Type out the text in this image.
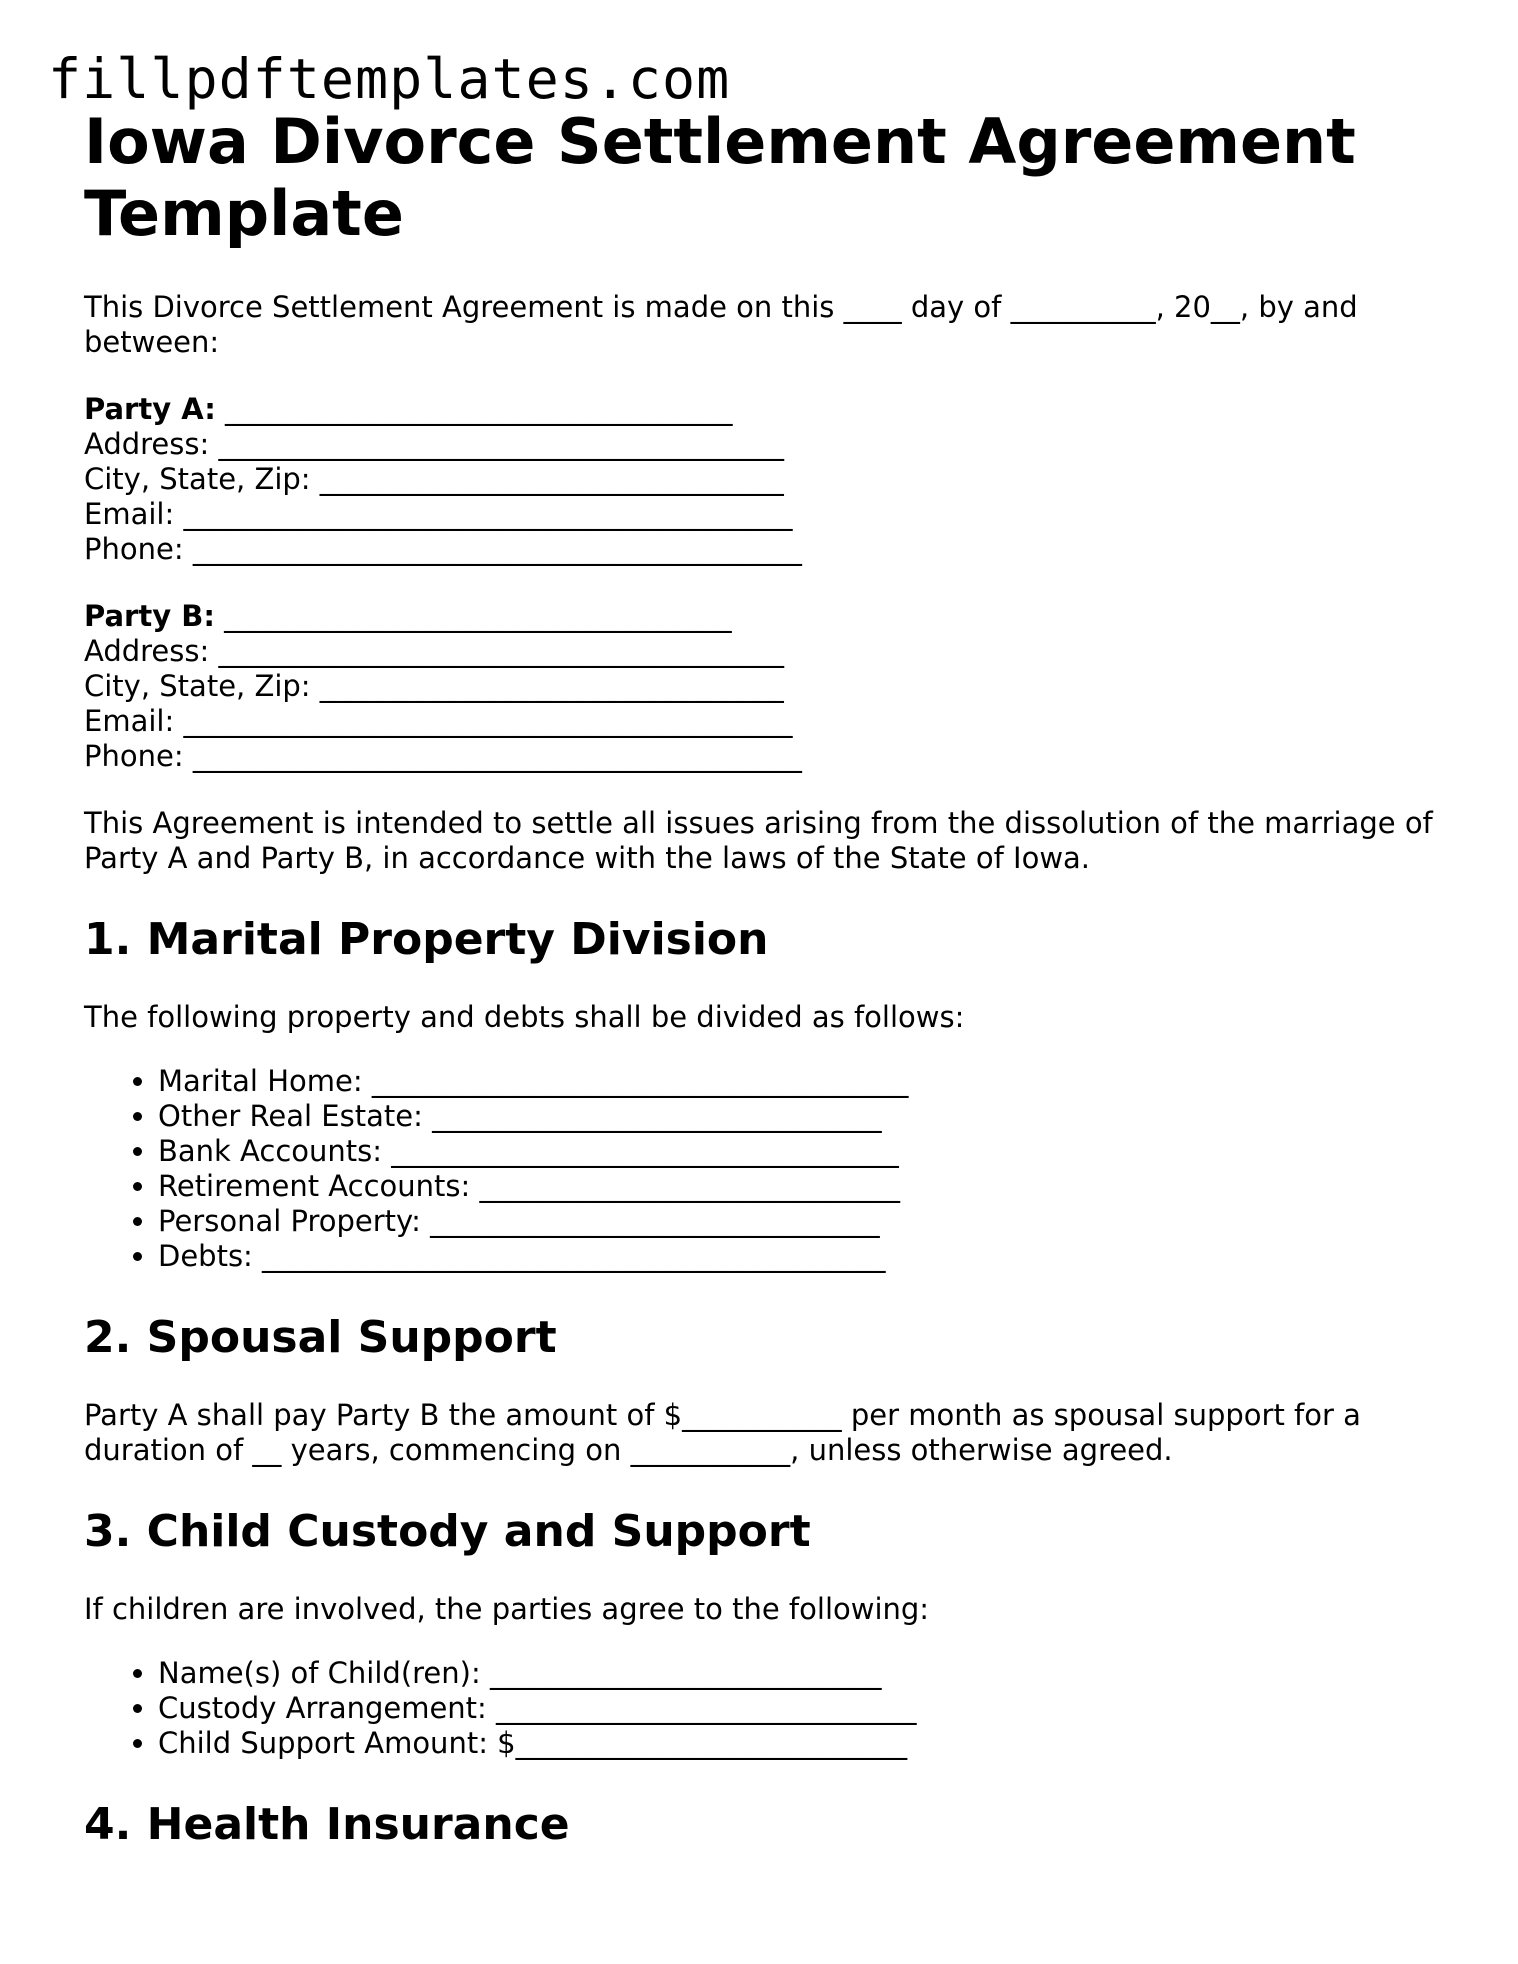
fillpdftemplates.com
Iowa Divorce Settlement Agreement Template

This Divorce Settlement Agreement is made on this ____ day of __________, 20__, by and between:

Party A: ___________________________________
Address: _______________________________________
City, State, Zip: ________________________________
Email: __________________________________________
Phone: __________________________________________
Party B: ___________________________________
Address: _______________________________________
City, State, Zip: ________________________________
Email: __________________________________________
Phone: __________________________________________

This Agreement is intended to settle all issues arising from the dissolution of the marriage of Party A and Party B, in accordance with the laws of the State of Iowa.

1. Marital Property Division

The following property and debts shall be divided as follows:

• Marital Home: _____________________________________
• Other Real Estate: _______________________________
• Bank Accounts: ___________________________________
• Retirement Accounts: _____________________________
• Personal Property: _______________________________
• Debts: ___________________________________________
2. Spousal Support

Party A shall pay Party B the amount of $___________ per month as spousal support for a duration of __ years, commencing on ___________, unless otherwise agreed.

3. Child Custody and Support

If children are involved, the parties agree to the following:

• Name(s) of Child(ren): ___________________________
• Custody Arrangement: _____________________________
• Child Support Amount: $___________________________
4. Health Insurance
